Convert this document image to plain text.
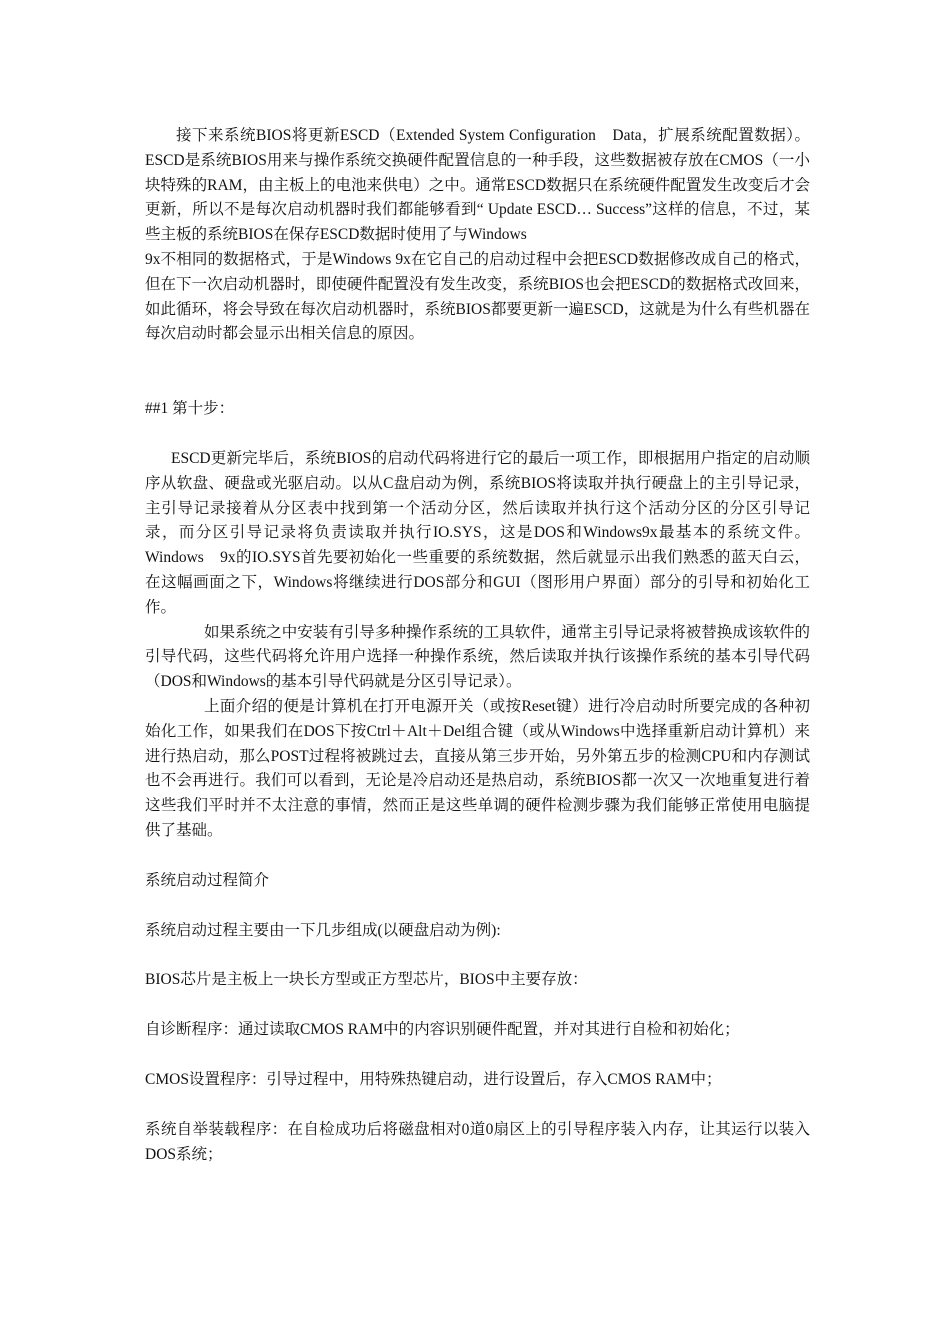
接下来系统BIOS将更新ESCD（Extended System Configuration　Data，扩展系统配置数据）。ESCD是系统BIOS用来与操作系统交换硬件配置信息的一种手段，这些数据被存放在CMOS（一小块特殊的RAM，由主板上的电池来供电）之中。通常ESCD数据只在系统硬件配置发生改变后才会更新，所以不是每次启动机器时我们都能够看到“ Update ESCD… Success”这样的信息，不过，某些主板的系统BIOS在保存ESCD数据时使用了与Windows

9x不相同的数据格式，于是Windows 9x在它自己的启动过程中会把ESCD数据修改成自己的格式，但在下一次启动机器时，即使硬件配置没有发生改变，系统BIOS也会把ESCD的数据格式改回来，如此循环，将会导致在每次启动机器时，系统BIOS都要更新一遍ESCD，这就是为什么有些机器在每次启动时都会显示出相关信息的原因。

##1 第十步：

ESCD更新完毕后，系统BIOS的启动代码将进行它的最后一项工作，即根据用户指定的启动顺序从软盘、硬盘或光驱启动。以从C盘启动为例，系统BIOS将读取并执行硬盘上的主引导记录，主引导记录接着从分区表中找到第一个活动分区，然后读取并执行这个活动分区的分区引导记录，而分区引导记录将负责读取并执行IO.SYS，这是DOS和Windows9x最基本的系统文件。Windows　9x的IO.SYS首先要初始化一些重要的系统数据，然后就显示出我们熟悉的蓝天白云，在这幅画面之下，Windows将继续进行DOS部分和GUI（图形用户界面）部分的引导和初始化工作。

如果系统之中安装有引导多种操作系统的工具软件，通常主引导记录将被替换成该软件的引导代码，这些代码将允许用户选择一种操作系统，然后读取并执行该操作系统的基本引导代码（DOS和Windows的基本引导代码就是分区引导记录）。

上面介绍的便是计算机在打开电源开关（或按Reset键）进行冷启动时所要完成的各种初始化工作，如果我们在DOS下按Ctrl＋Alt＋Del组合键（或从Windows中选择重新启动计算机）来进行热启动，那么POST过程将被跳过去，直接从第三步开始，另外第五步的检测CPU和内存测试也不会再进行。我们可以看到，无论是冷启动还是热启动，系统BIOS都一次又一次地重复进行着这些我们平时并不太注意的事情，然而正是这些单调的硬件检测步骤为我们能够正常使用电脑提供了基础。

系统启动过程简介

系统启动过程主要由一下几步组成(以硬盘启动为例):

BIOS芯片是主板上一块长方型或正方型芯片，BIOS中主要存放：

自诊断程序：通过读取CMOS RAM中的内容识别硬件配置，并对其进行自检和初始化；

CMOS设置程序：引导过程中，用特殊热键启动，进行设置后，存入CMOS RAM中；

系统自举装载程序：在自检成功后将磁盘相对0道0扇区上的引导程序装入内存，让其运行以装入DOS系统；
